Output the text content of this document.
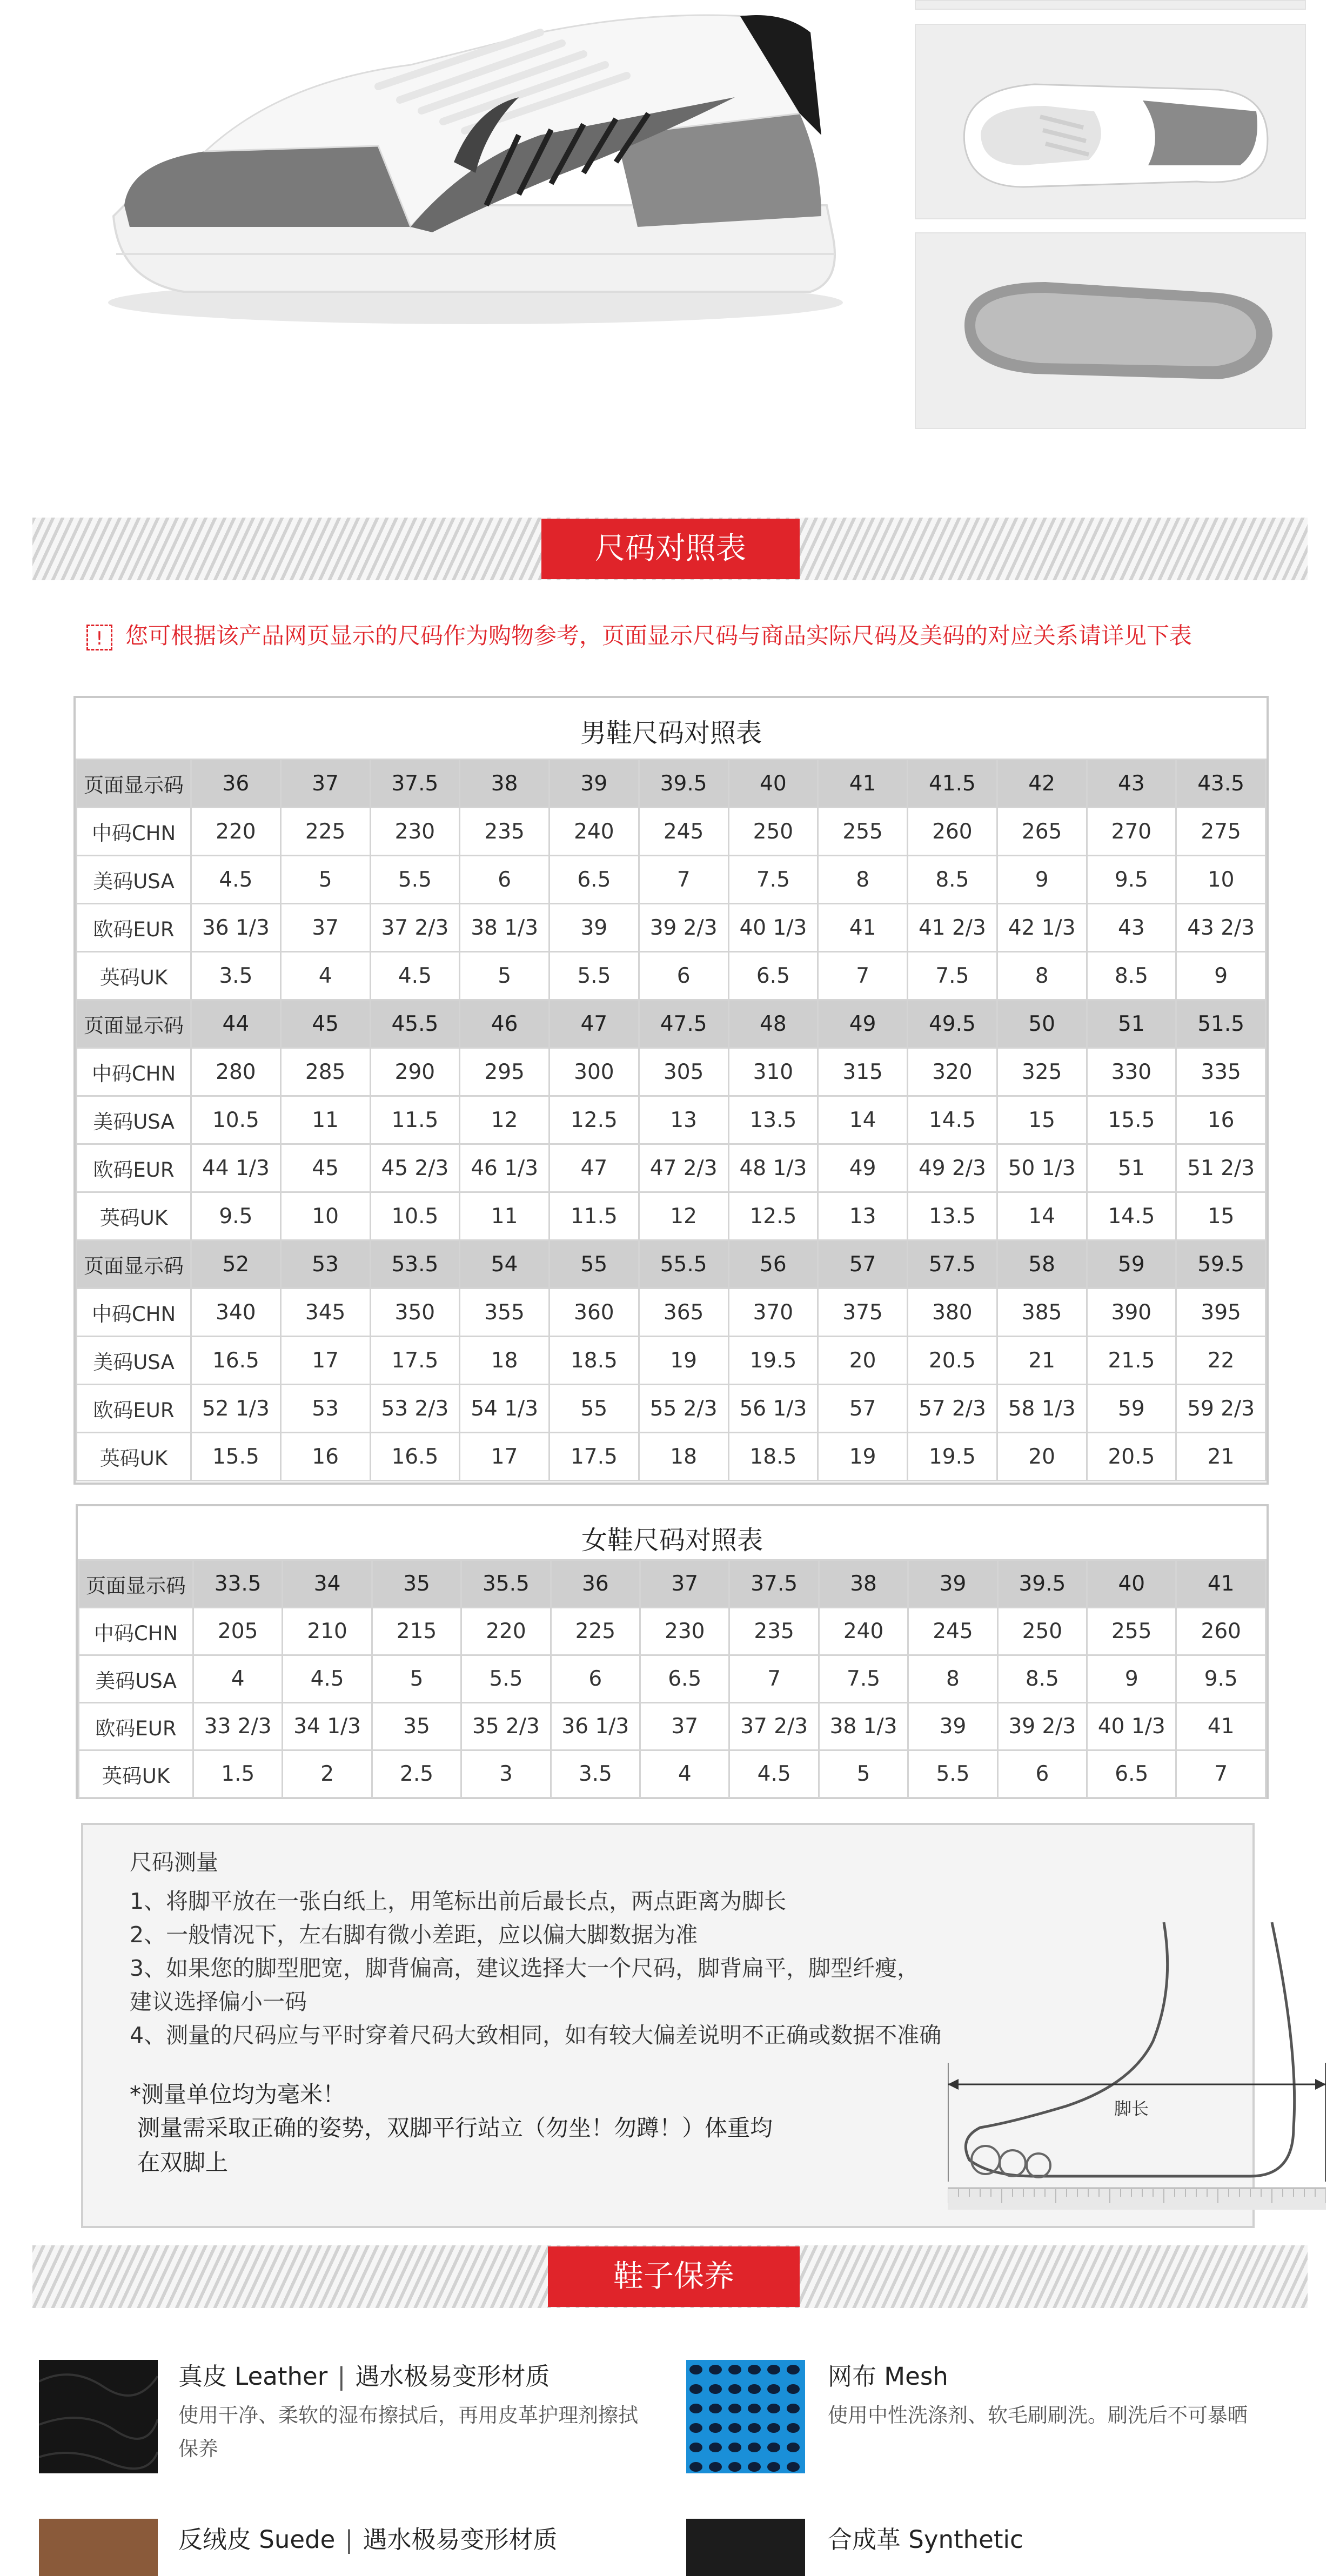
尺码对照表
! 您可根据该产品网页显示的尺码作为购物参考，页面显示尺码与商品实际尺码及美码的对应关系请详见下表
男鞋尺码对照表
页面显示码	36	37	37.5	38	39	39.5	40	41	41.5	42	43	43.5
中码CHN	220	225	230	235	240	245	250	255	260	265	270	275
美码USA	4.5	5	5.5	6	6.5	7	7.5	8	8.5	9	9.5	10
欧码EUR	36 1/3	37	37 2/3	38 1/3	39	39 2/3	40 1/3	41	41 2/3	42 1/3	43	43 2/3
英码UK	3.5	4	4.5	5	5.5	6	6.5	7	7.5	8	8.5	9
页面显示码	44	45	45.5	46	47	47.5	48	49	49.5	50	51	51.5
中码CHN	280	285	290	295	300	305	310	315	320	325	330	335
美码USA	10.5	11	11.5	12	12.5	13	13.5	14	14.5	15	15.5	16
欧码EUR	44 1/3	45	45 2/3	46 1/3	47	47 2/3	48 1/3	49	49 2/3	50 1/3	51	51 2/3
英码UK	9.5	10	10.5	11	11.5	12	12.5	13	13.5	14	14.5	15
页面显示码	52	53	53.5	54	55	55.5	56	57	57.5	58	59	59.5
中码CHN	340	345	350	355	360	365	370	375	380	385	390	395
美码USA	16.5	17	17.5	18	18.5	19	19.5	20	20.5	21	21.5	22
欧码EUR	52 1/3	53	53 2/3	54 1/3	55	55 2/3	56 1/3	57	57 2/3	58 1/3	59	59 2/3
英码UK	15.5	16	16.5	17	17.5	18	18.5	19	19.5	20	20.5	21
女鞋尺码对照表
页面显示码	33.5	34	35	35.5	36	37	37.5	38	39	39.5	40	41
中码CHN	205	210	215	220	225	230	235	240	245	250	255	260
美码USA	4	4.5	5	5.5	6	6.5	7	7.5	8	8.5	9	9.5
欧码EUR	33 2/3	34 1/3	35	35 2/3	36 1/3	37	37 2/3	38 1/3	39	39 2/3	40 1/3	41
英码UK	1.5	2	2.5	3	3.5	4	4.5	5	5.5	6	6.5	7
尺码测量
1、将脚平放在一张白纸上，用笔标出前后最长点，两点距离为脚长
2、一般情况下，左右脚有微小差距，应以偏大脚数据为准
3、如果您的脚型肥宽，脚背偏高，建议选择大一个尺码，脚背扁平，脚型纤瘦，
建议选择偏小一码
4、测量的尺码应与平时穿着尺码大致相同，如有较大偏差说明不正确或数据不准确
*测量单位均为毫米！
测量需采取正确的姿势，双脚平行站立（勿坐！勿蹲！）体重均
在双脚上
脚长
鞋子保养
真皮 Leather | 遇水极易变形材质
使用干净、柔软的湿布擦拭后，再用皮革护理剂擦拭保养
网布 Mesh
使用中性洗涤剂、软毛刷刷洗。刷洗后不可暴晒
反绒皮 Suede | 遇水极易变形材质	合成革 Synthetic
